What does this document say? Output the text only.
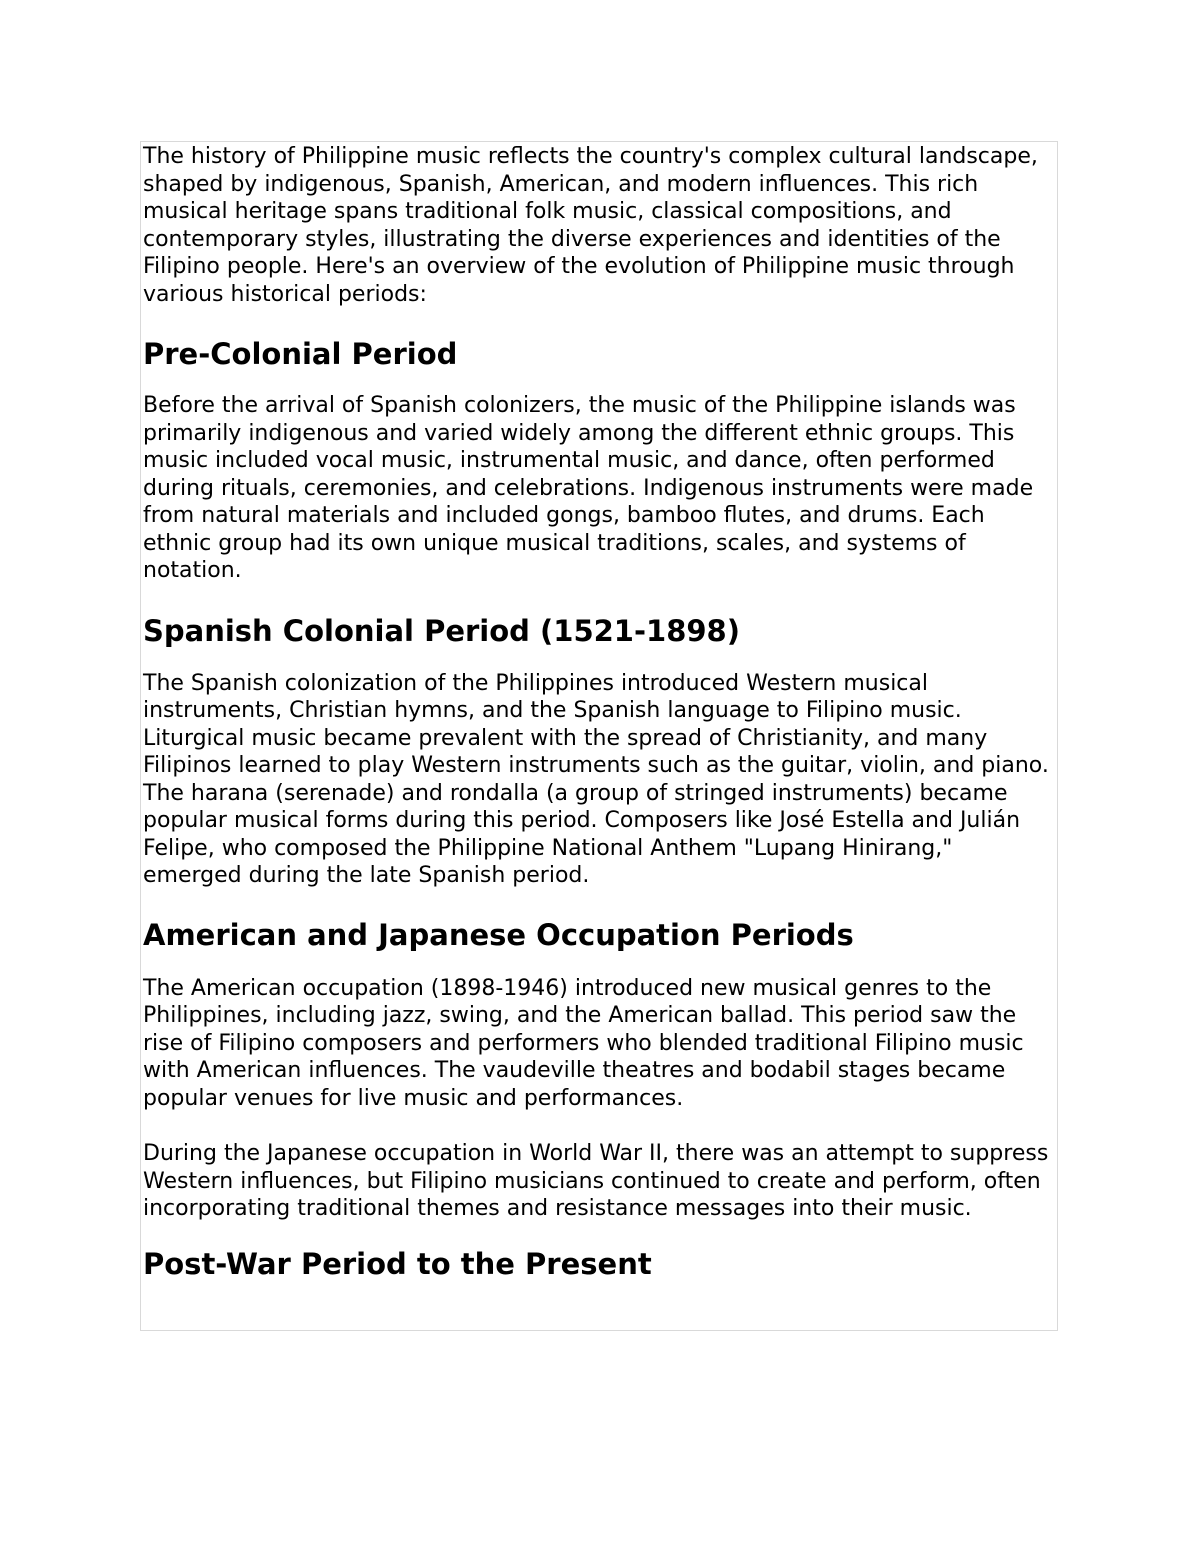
The history of Philippine music reflects the country's complex cultural landscape, shaped by indigenous, Spanish, American, and modern influences. This rich musical heritage spans traditional folk music, classical compositions, and contemporary styles, illustrating the diverse experiences and identities of the Filipino people. Here's an overview of the evolution of Philippine music through various historical periods:

Pre-Colonial Period

Before the arrival of Spanish colonizers, the music of the Philippine islands was primarily indigenous and varied widely among the different ethnic groups. This music included vocal music, instrumental music, and dance, often performed during rituals, ceremonies, and celebrations. Indigenous instruments were made from natural materials and included gongs, bamboo flutes, and drums. Each ethnic group had its own unique musical traditions, scales, and systems of notation.

Spanish Colonial Period (1521-1898)

The Spanish colonization of the Philippines introduced Western musical instruments, Christian hymns, and the Spanish language to Filipino music. Liturgical music became prevalent with the spread of Christianity, and many Filipinos learned to play Western instruments such as the guitar, violin, and piano. The harana (serenade) and rondalla (a group of stringed instruments) became popular musical forms during this period. Composers like José Estella and Julián Felipe, who composed the Philippine National Anthem "Lupang Hinirang," emerged during the late Spanish period.

American and Japanese Occupation Periods

The American occupation (1898-1946) introduced new musical genres to the Philippines, including jazz, swing, and the American ballad. This period saw the rise of Filipino composers and performers who blended traditional Filipino music with American influences. The vaudeville theatres and bodabil stages became popular venues for live music and performances.

During the Japanese occupation in World War II, there was an attempt to suppress Western influences, but Filipino musicians continued to create and perform, often incorporating traditional themes and resistance messages into their music.

Post-War Period to the Present
